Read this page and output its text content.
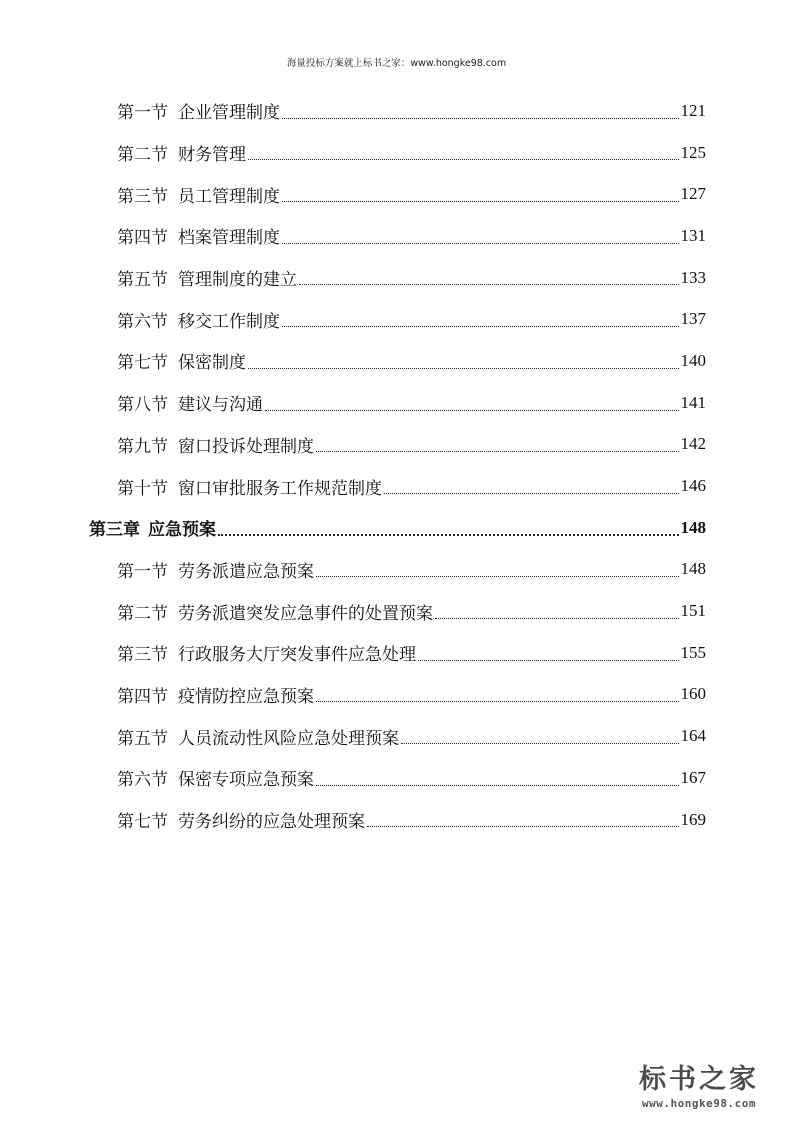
海量投标方案就上标书之家：www.hongke98.com
第一节 企业管理制度	121
第二节 财务管理	125
第三节 员工管理制度	127
第四节 档案管理制度	131
第五节 管理制度的建立	133
第六节 移交工作制度	137
第七节 保密制度	140
第八节 建议与沟通	141
第九节 窗口投诉处理制度	142
第十节 窗口审批服务工作规范制度	146
第三章 应急预案	148
第一节 劳务派遣应急预案	148
第二节 劳务派遣突发应急事件的处置预案	151
第三节 行政服务大厅突发事件应急处理	155
第四节 疫情防控应急预案	160
第五节 人员流动性风险应急处理预案	164
第六节 保密专项应急预案	167
第七节 劳务纠纷的应急处理预案	169
标书之家
www.hongke98.com
